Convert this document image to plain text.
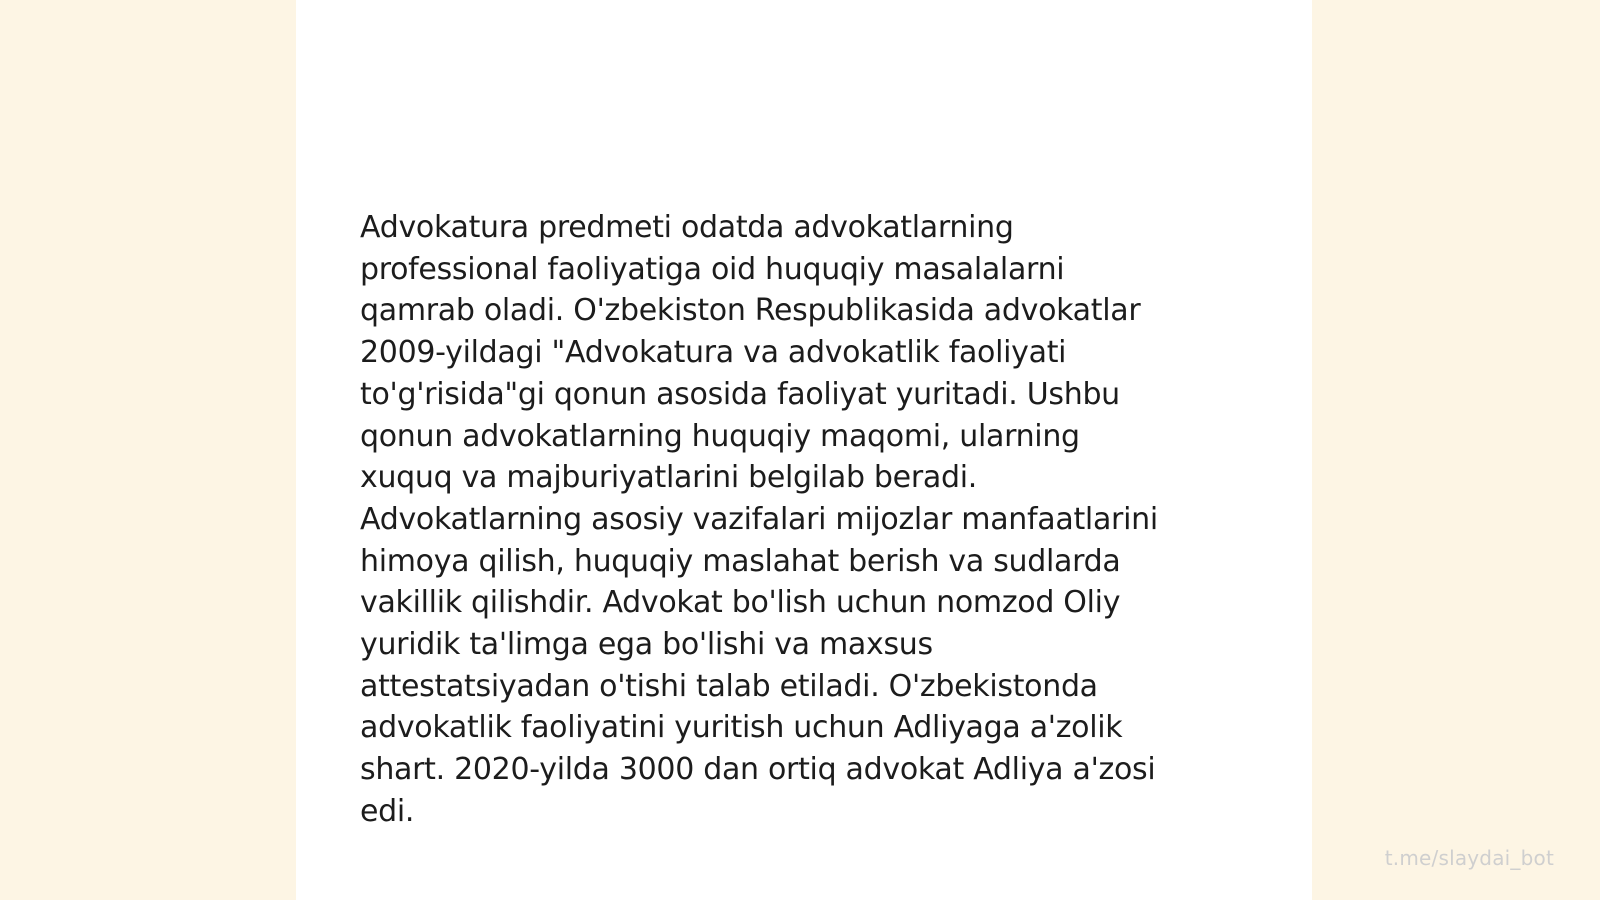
Advokatura predmeti odatda advokatlarning
professional faoliyatiga oid huquqiy masalalarni
qamrab oladi. O'zbekiston Respublikasida advokatlar
2009-yildagi "Advokatura va advokatlik faoliyati
to'g'risida"gi qonun asosida faoliyat yuritadi. Ushbu
qonun advokatlarning huquqiy maqomi, ularning
xuquq va majburiyatlarini belgilab beradi.
Advokatlarning asosiy vazifalari mijozlar manfaatlarini
himoya qilish, huquqiy maslahat berish va sudlarda
vakillik qilishdir. Advokat bo'lish uchun nomzod Oliy
yuridik ta'limga ega bo'lishi va maxsus
attestatsiyadan o'tishi talab etiladi. O'zbekistonda
advokatlik faoliyatini yuritish uchun Adliyaga a'zolik
shart. 2020-yilda 3000 dan ortiq advokat Adliya a'zosi
edi.

t.me/slaydai_bot
